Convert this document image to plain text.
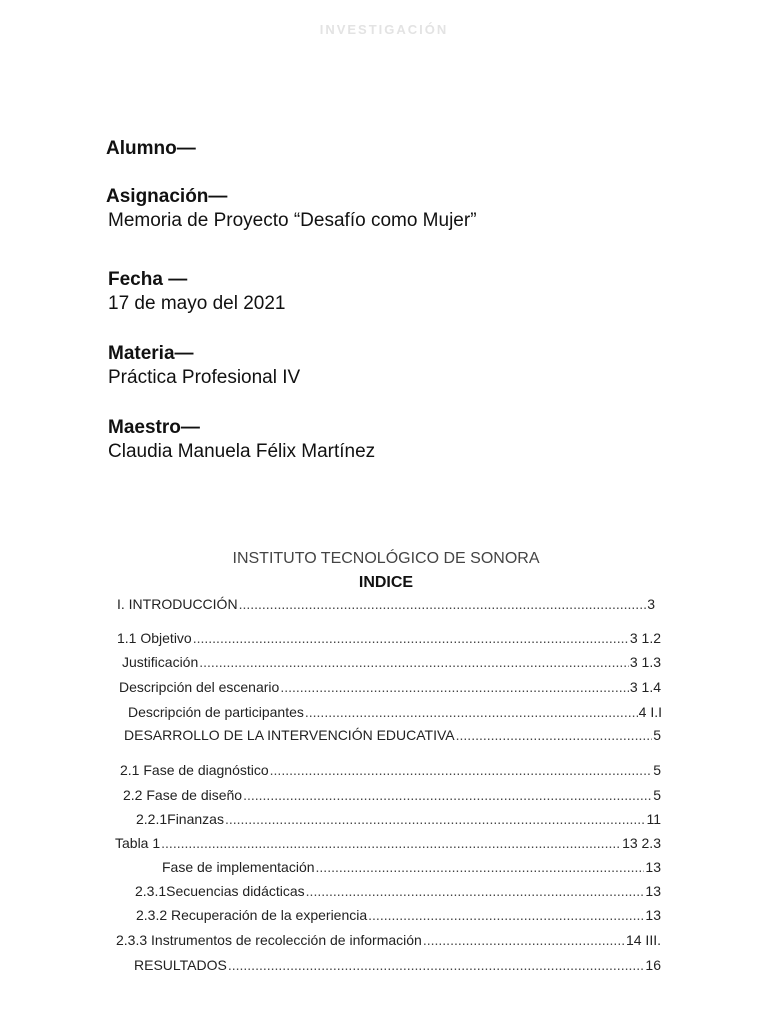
INVESTIGACIÓN
Alumno—
Asignación—
Memoria de Proyecto “Desafío como Mujer”
Fecha —
17 de mayo del 2021
Materia—
Práctica Profesional IV
Maestro—
Claudia Manuela Félix Martínez
INSTITUTO TECNOLÓGICO DE SONORA
INDICE
I. INTRODUCCIÓN .....	3
1.1 Objetivo .....	3 1.2
Justificación .....	3 1.3
Descripción del escenario .....	3 1.4
Descripción de participantes .....	4 I.I
DESARROLLO DE LA INTERVENCIÓN EDUCATIVA .....	5
2.1 Fase de diagnóstico .....	5
2.2 Fase de diseño .....	5
2.2.1Finanzas .....	11
Tabla 1 .....	13 2.3
Fase de implementación .....	13
2.3.1Secuencias didácticas .....	13
2.3.2 Recuperación de la experiencia .....	13
2.3.3 Instrumentos de recolección de información .....	14 III.
RESULTADOS .....	16
